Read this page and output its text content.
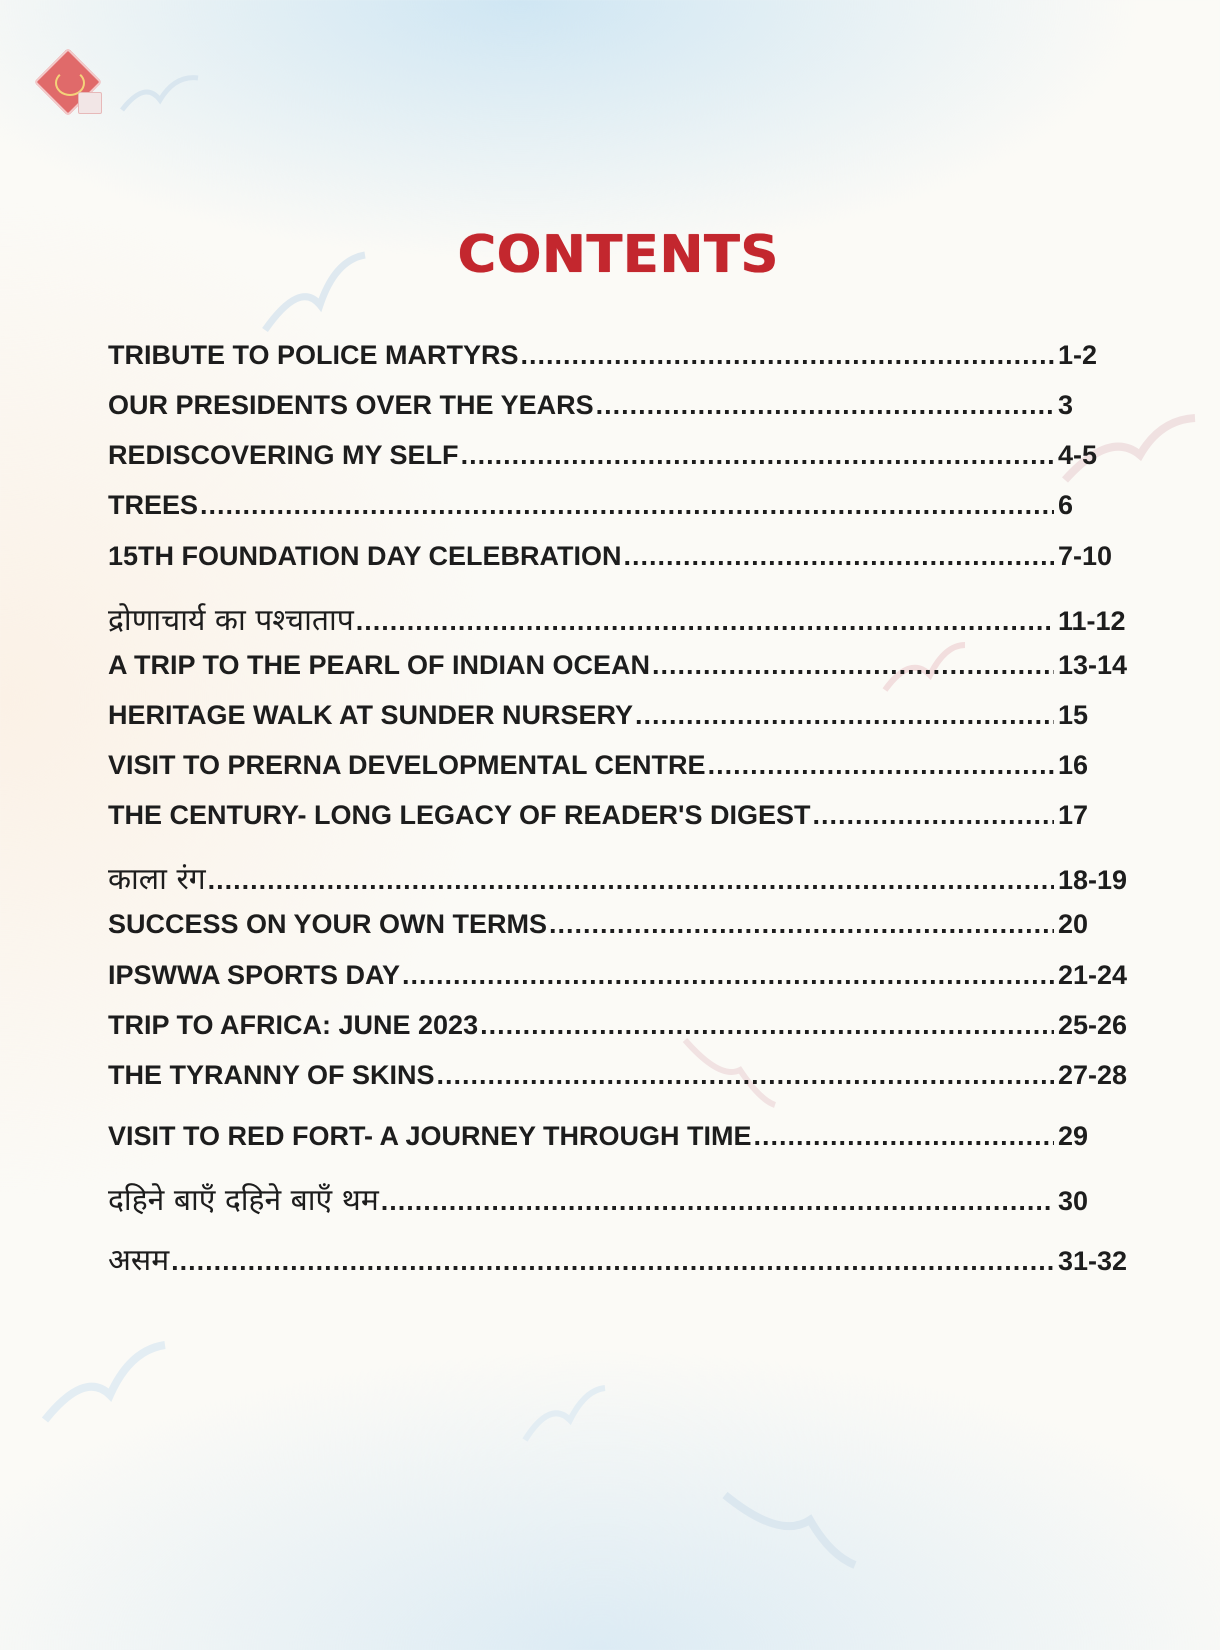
CONTENTS
TRIBUTE TO POLICE MARTYRS .....	1-2
OUR PRESIDENTS OVER THE YEARS .....	3
REDISCOVERING MY SELF .....	4-5
TREES .....	6
15TH FOUNDATION DAY CELEBRATION .....	7-10
द्रोणाचार्य का पश्चाताप .....	11-12
A TRIP TO THE PEARL OF INDIAN OCEAN .....	13-14
HERITAGE WALK AT SUNDER NURSERY .....	15
VISIT TO PRERNA DEVELOPMENTAL CENTRE .....	16
THE CENTURY- LONG LEGACY OF READER'S DIGEST .....	17
काला रंग .....	18-19
SUCCESS ON YOUR OWN TERMS .....	20
IPSWWA SPORTS DAY .....	21-24
TRIP TO AFRICA: JUNE 2023 .....	25-26
THE TYRANNY OF SKINS .....	27-28
VISIT TO RED FORT- A JOURNEY THROUGH TIME .....	29
दहिने बाएँ दहिने बाएँ थम .....	30
असम .....	31-32
